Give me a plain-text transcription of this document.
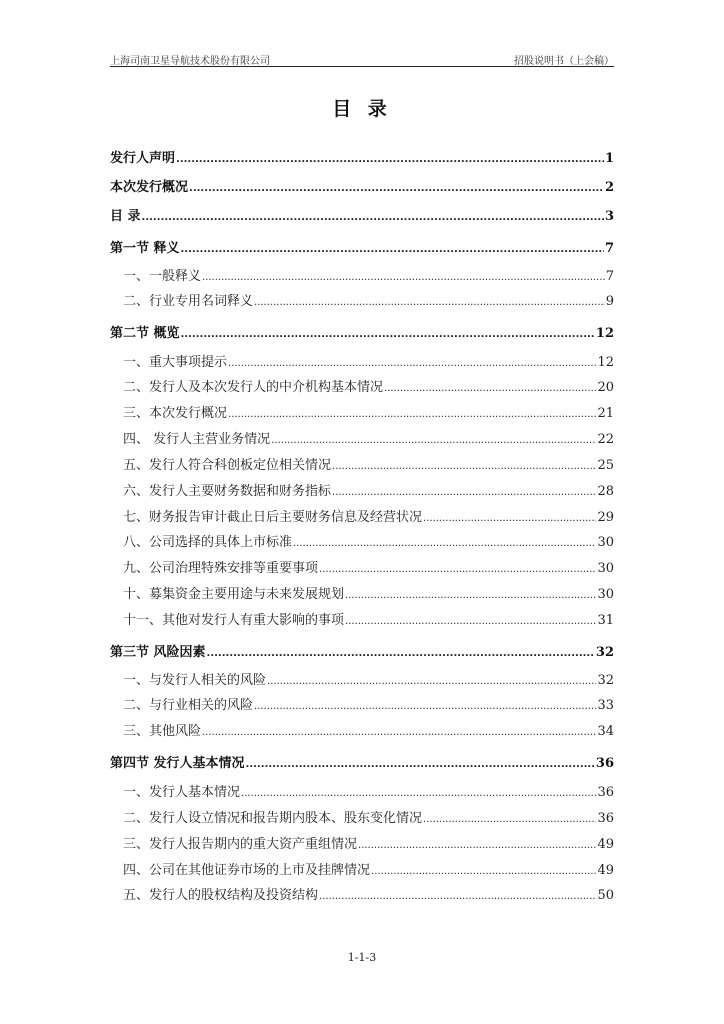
上海司南卫星导航技术股份有限公司	招股说明书（上会稿）
目 录
发行人声明 .....	1
本次发行概况 .....	2
目 录 .....	3
第一节 释义 .....	7
一、一般释义 .....	7
二、行业专用名词释义 .....	9
第二节 概览 .....	12
一、重大事项提示 .....	12
二、发行人及本次发行人的中介机构基本情况 .....	20
三、本次发行概况 .....	21
四、 发行人主营业务情况 .....	22
五、发行人符合科创板定位相关情况 .....	25
六、发行人主要财务数据和财务指标 .....	28
七、财务报告审计截止日后主要财务信息及经营状况 .....	29
八、公司选择的具体上市标准 .....	30
九、公司治理特殊安排等重要事项 .....	30
十、募集资金主要用途与未来发展规划 .....	30
十一、其他对发行人有重大影响的事项 .....	31
第三节 风险因素 .....	32
一、与发行人相关的风险 .....	32
二、与行业相关的风险 .....	33
三、其他风险 .....	34
第四节 发行人基本情况 .....	36
一、发行人基本情况 .....	36
二、发行人设立情况和报告期内股本、股东变化情况 .....	36
三、发行人报告期内的重大资产重组情况 .....	49
四、公司在其他证券市场的上市及挂牌情况 .....	49
五、发行人的股权结构及投资结构 .....	50
1-1-3
